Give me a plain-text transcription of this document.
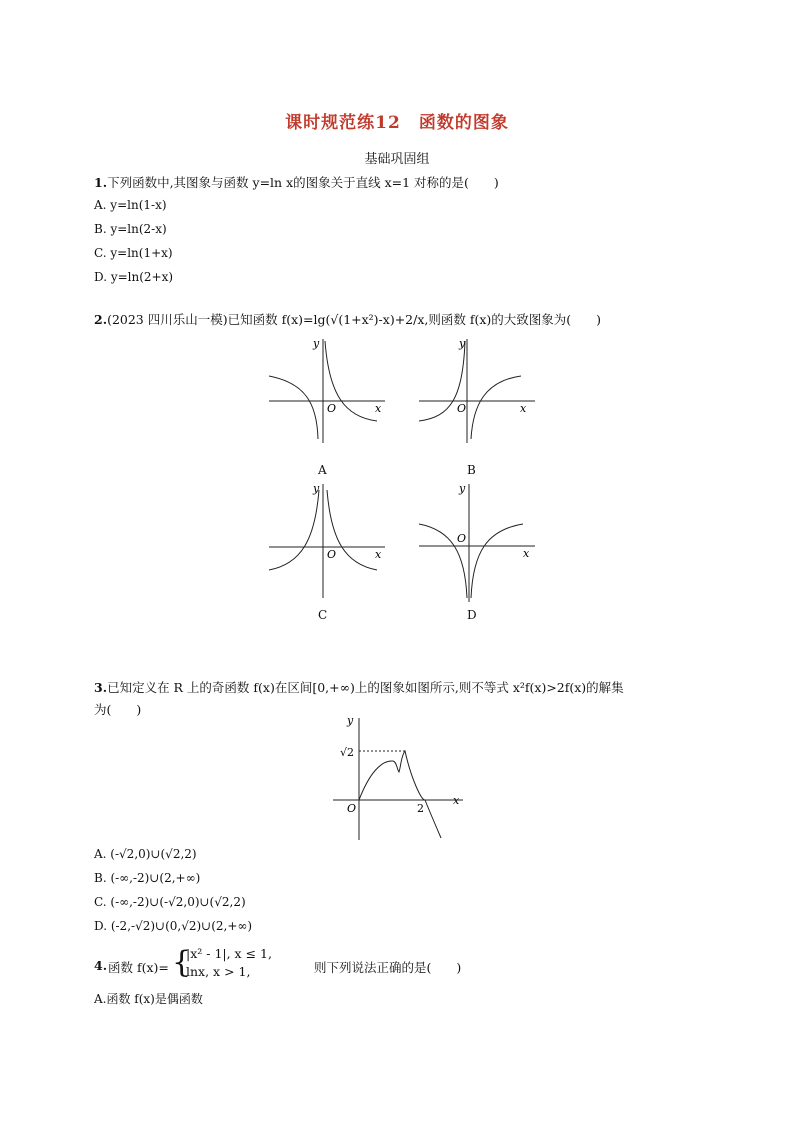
课时规范练12　函数的图象
基础巩固组
1.下列函数中,其图象与函数 y=ln x的图象关于直线 x=1 对称的是(　　)
A. y=ln(1-x)
B. y=ln(2-x)
C. y=ln(1+x)
D. y=ln(2+x)
2.(2023 四川乐山一模)已知函数 f(x)=lg(√(1+x²)-x)+2/x,则函数 f(x)的大致图象为(　　)
y
x
O
A
y
x
O
B
y
x
O
C
y
x
O
D
3.已知定义在 R 上的奇函数 f(x)在区间[0,+∞)上的图象如图所示,则不等式 x²f(x)>2f(x)的解集
为(　　)
y
x
O
√2
2
A. (-√2,0)∪(√2,2)
B. (-∞,-2)∪(2,+∞)
C. (-∞,-2)∪(-√2,0)∪(√2,2)
D. (-2,-√2)∪(0,√2)∪(2,+∞)
4. 函数 f(x)= {
|x² - 1|, x ≤ 1,
lnx, x > 1,	则下列说法正确的是(　　)
A.函数 f(x)是偶函数
